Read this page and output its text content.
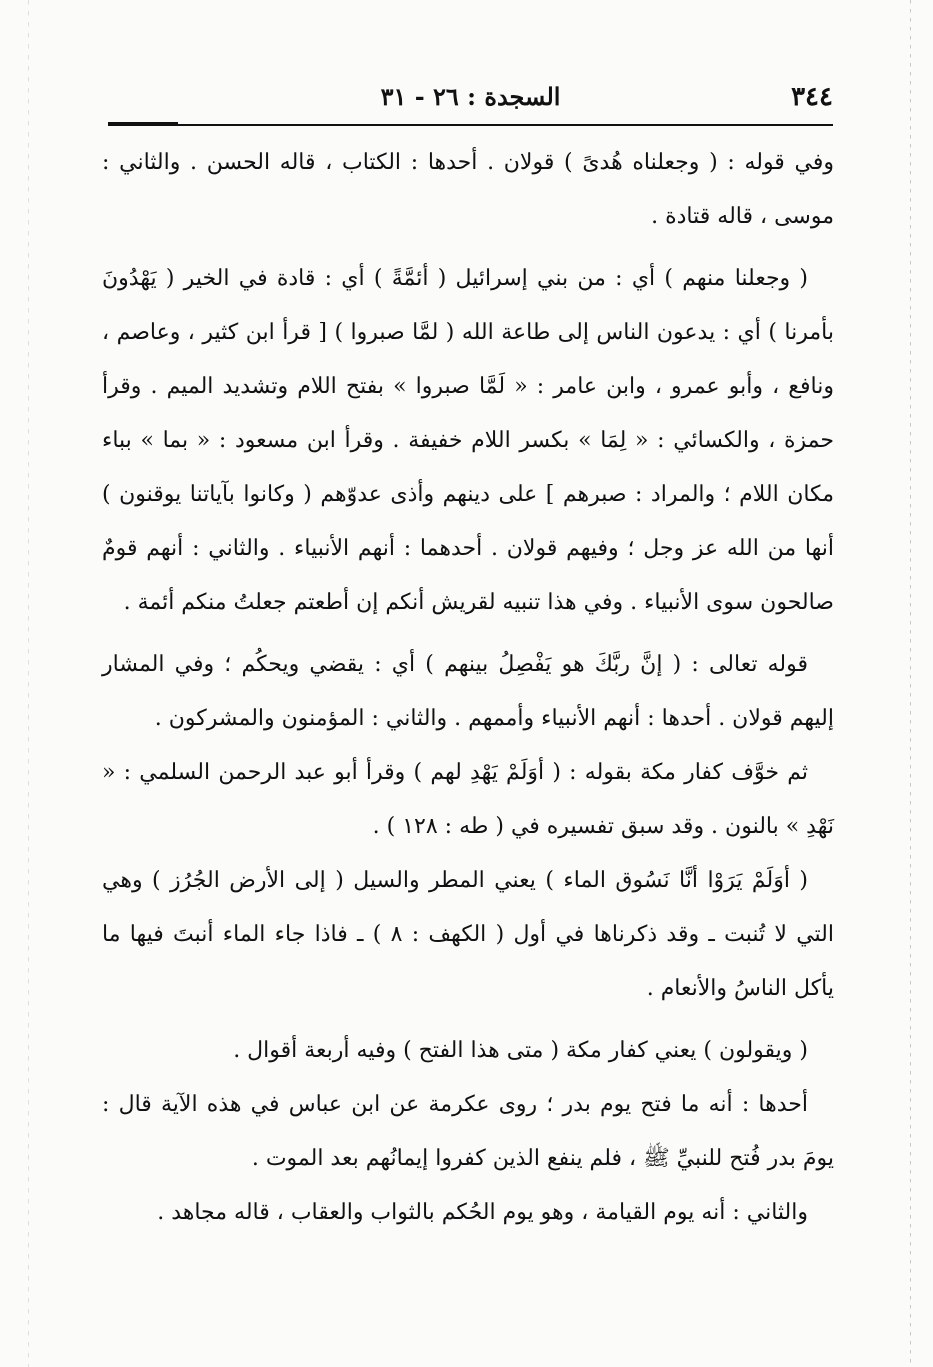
٣٤٤
السجدة : ٢٦ - ٣١

وفي قوله : ( وجعلناه هُدىً ) قولان . أحدها : الكتاب ، قاله الحسن . والثاني : موسى ، قاله قتادة .

( وجعلنا منهم ) أي : من بني إسرائيل ( أئمَّةً ) أي : قادة في الخير ( يَهْدُونَ بأمرنا ) أي : يدعون الناس إلى طاعة الله ( لمَّا صبروا ) [ قرأ ابن كثير ، وعاصم ، ونافع ، وأبو عمرو ، وابن عامر : « لَمَّا صبروا » بفتح اللام وتشديد الميم . وقرأ حمزة ، والكسائي : « لِمَا » بكسر اللام خفيفة . وقرأ ابن مسعود : « بما » بباء مكان اللام ؛ والمراد : صبرهم ] على دينهم وأذى عدوّهم ( وكانوا بآياتنا يوقنون ) أنها من الله عز وجل ؛ وفيهم قولان . أحدهما : أنهم الأنبياء . والثاني : أنهم قومٌ صالحون سوى الأنبياء . وفي هذا تنبيه لقريش أنكم إن أطعتم جعلتُ منكم أئمة .

قوله تعالى : ( إنَّ ربَّكَ هو يَفْصِلُ بينهم ) أي : يقضي ويحكُم ؛ وفي المشار إليهم قولان . أحدها : أنهم الأنبياء وأممهم . والثاني : المؤمنون والمشركون .

ثم خوَّف كفار مكة بقوله : ( أوَلَمْ يَهْدِ لهم ) وقرأ أبو عبد الرحمن السلمي : « نَهْدِ » بالنون . وقد سبق تفسيره في ( طه : ١٢٨ ) .

( أوَلَمْ يَرَوْا أنَّا نَسُوق الماء ) يعني المطر والسيل ( إلى الأرض الجُرُز ) وهي التي لا تُنبت ـ وقد ذكرناها في أول ( الكهف : ٨ ) ـ فاذا جاء الماء أنبتَ فيها ما يأكل الناسُ والأنعام .

( ويقولون ) يعني كفار مكة ( متى هذا الفتح ) وفيه أربعة أقوال .

أحدها : أنه ما فتح يوم بدر ؛ روى عكرمة عن ابن عباس في هذه الآية قال : يومَ بدر فُتح للنبيِّ ﷺ ، فلم ينفع الذين كفروا إيمانُهم بعد الموت .

والثاني : أنه يوم القيامة ، وهو يوم الحُكم بالثواب والعقاب ، قاله مجاهد .
